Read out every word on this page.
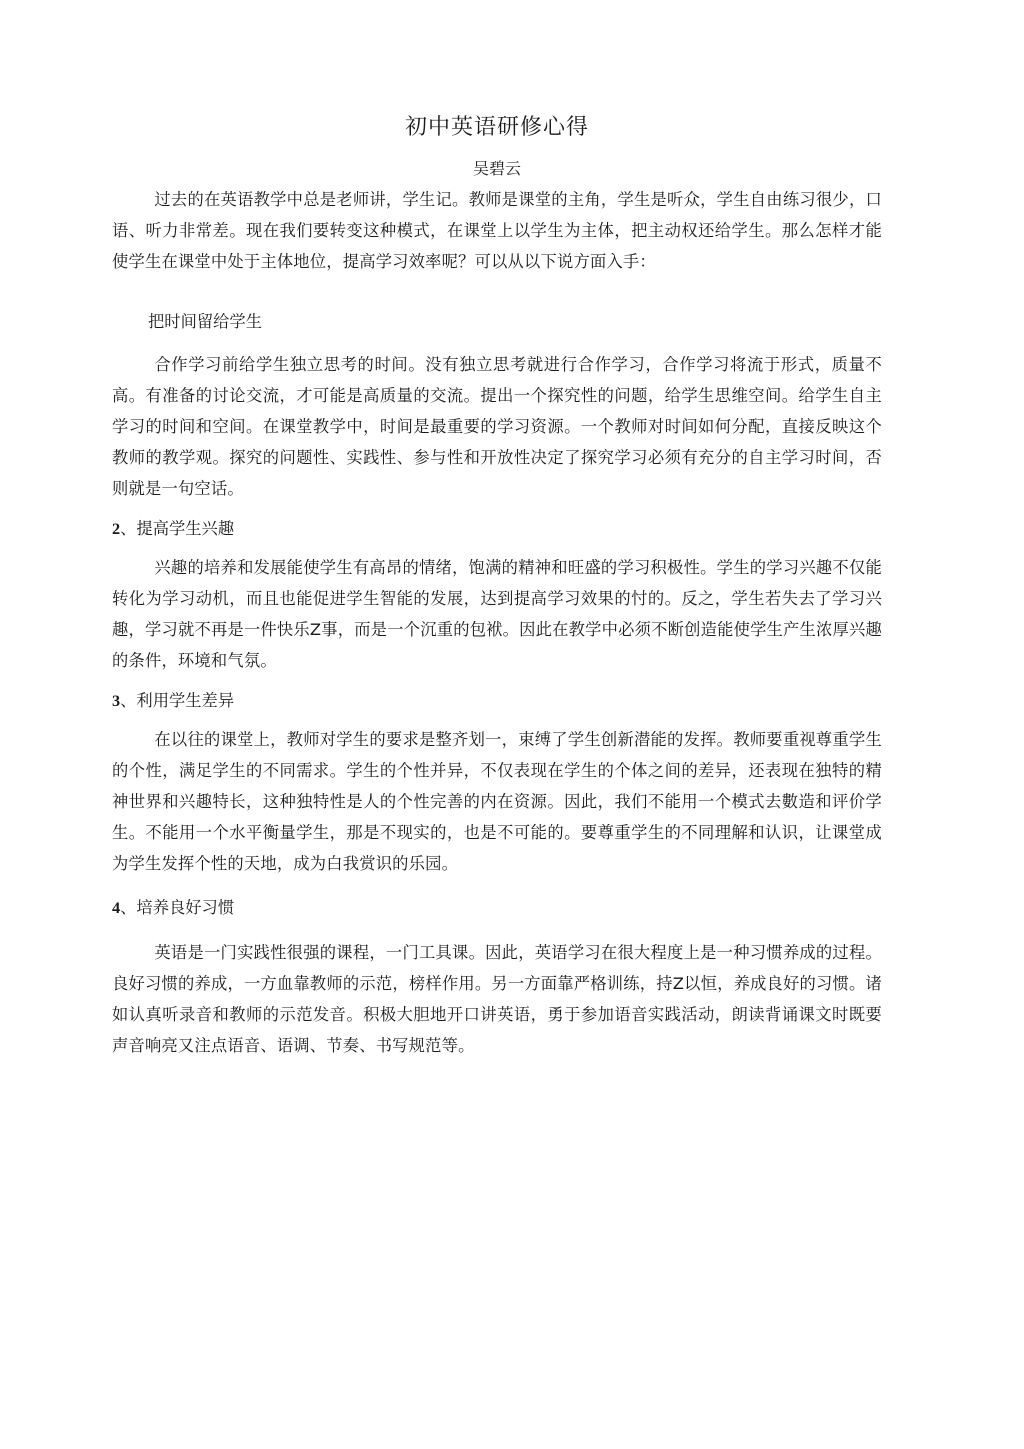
初中英语研修心得
吴碧云

过去的在英语教学中总是老师讲，学生记。教师是课堂的主角，学生是听众，学生自由练习很少，口语、听力非常差。现在我们要转变这种模式，在课堂上以学生为主体，把主动权还给学生。那么怎样才能使学生在课堂中处于主体地位，提高学习效率呢？可以从以下说方面入手：

把时间留给学生

合作学习前给学生独立思考的时间。没有独立思考就进行合作学习，合作学习将流于形式，质量不高。有准备的讨论交流，才可能是高质量的交流。提出一个探究性的问题，给学生思维空间。给学生自主学习的时间和空间。在课堂教学中，时间是最重要的学习资源。一个教师对时间如何分配，直接反映这个教师的教学观。探究的问题性、实践性、参与性和开放性决定了探究学习必须有充分的自主学习时间，否则就是一句空话。

2、提高学生兴趣

兴趣的培养和发展能使学生有高昂的情绪，饱满的精神和旺盛的学习积极性。学生的学习兴趣不仅能转化为学习动机，而且也能促进学生智能的发展，达到提高学习效果的忖的。反之，学生若失去了学习兴趣，学习就不再是一件快乐Z事，而是一个沉重的包袱。因此在教学中必须不断创造能使学生产生浓厚兴趣的条件，环境和气氛。

3、利用学生差异

在以往的课堂上，教师对学生的要求是整齐划一，束缚了学生创新潜能的发挥。教师要重视尊重学生的个性，满足学生的不同需求。学生的个性并异，不仅表现在学生的个体之间的差异，还表现在独特的精神世界和兴趣特长，这种独特性是人的个性完善的内在资源。因此，我们不能用一个模式去數造和评价学生。不能用一个水平衡量学生，那是不现实的，也是不可能的。要尊重学生的不同理解和认识，让课堂成为学生发挥个性的天地，成为白我赏识的乐园。

4、培养良好习惯

英语是一门实践性很强的课程，一门工具课。因此，英语学习在很大程度上是一种习惯养成的过程。良好习惯的养成，一方血靠教师的示范，榜样作用。另一方面靠严格训练，持Z以恒，养成良好的习惯。诸如认真听录音和教师的示范发音。积极大胆地开口讲英语，勇于参加语音实践活动，朗读背诵课文时既要声音响亮又注点语音、语调、节奏、书写规范等。
